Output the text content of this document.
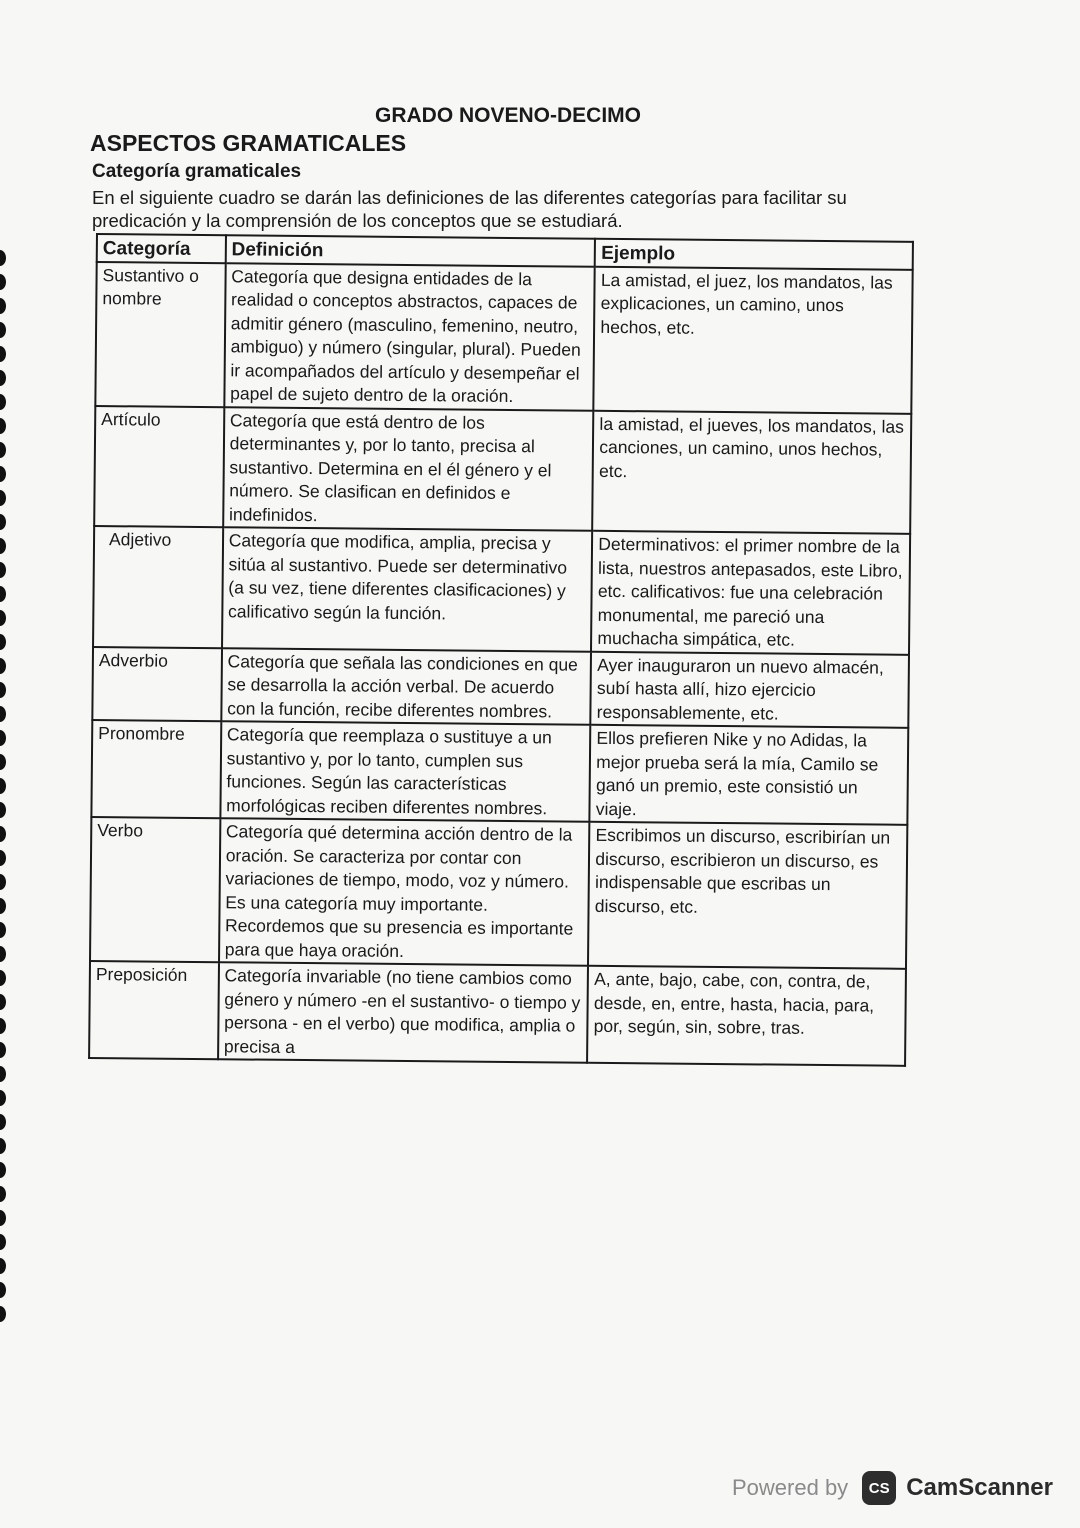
GRADO NOVENO-DECIMO
ASPECTOS GRAMATICALES
Categoría gramaticales
En el siguiente cuadro se darán las definiciones de las diferentes categorías para facilitar su predicación y la comprensión de los conceptos que se estudiará.
Categoría	Definición	Ejemplo
Sustantivo o nombre	Categoría que designa entidades de la realidad o conceptos abstractos, capaces de admitir género (masculino, femenino, neutro, ambiguo) y número (singular, plural). Pueden ir acompañados del artículo y desempeñar el papel de sujeto dentro de la oración.	La amistad, el juez, los mandatos, las explicaciones, un camino, unos hechos, etc.
Artículo	Categoría que está dentro de los determinantes y, por lo tanto, precisa al sustantivo. Determina en el él género y el número. Se clasifican en definidos e indefinidos.	la amistad, el jueves, los mandatos, las canciones, un camino, unos hechos, etc.
Adjetivo	Categoría que modifica, amplia, precisa y sitúa al sustantivo. Puede ser determinativo (a su vez, tiene diferentes clasificaciones) y calificativo según la función.	Determinativos: el primer nombre de la lista, nuestros antepasados, este Libro, etc. calificativos: fue una celebración monumental, me pareció una muchacha simpática, etc.
Adverbio	Categoría que señala las condiciones en que se desarrolla la acción verbal. De acuerdo con la función, recibe diferentes nombres.	Ayer inauguraron un nuevo almacén, subí hasta allí, hizo ejercicio responsablemente, etc.
Pronombre	Categoría que reemplaza o sustituye a un sustantivo y, por lo tanto, cumplen sus funciones. Según las características morfológicas reciben diferentes nombres.	Ellos prefieren Nike y no Adidas, la mejor prueba será la mía, Camilo se ganó un premio, este consistió un viaje.
Verbo	Categoría qué determina acción dentro de la oración. Se caracteriza por contar con variaciones de tiempo, modo, voz y número. Es una categoría muy importante. Recordemos que su presencia es importante para que haya oración.	Escribimos un discurso, escribirían un discurso, escribieron un discurso, es indispensable que escribas un discurso, etc.
Preposición	Categoría invariable (no tiene cambios como género y número -en el sustantivo- o tiempo y persona - en el verbo) que modifica, amplia o precisa a	A, ante, bajo, cabe, con, contra, de, desde, en, entre, hasta, hacia, para, por, según, sin, sobre, tras.
Powered by	CS CamScanner
